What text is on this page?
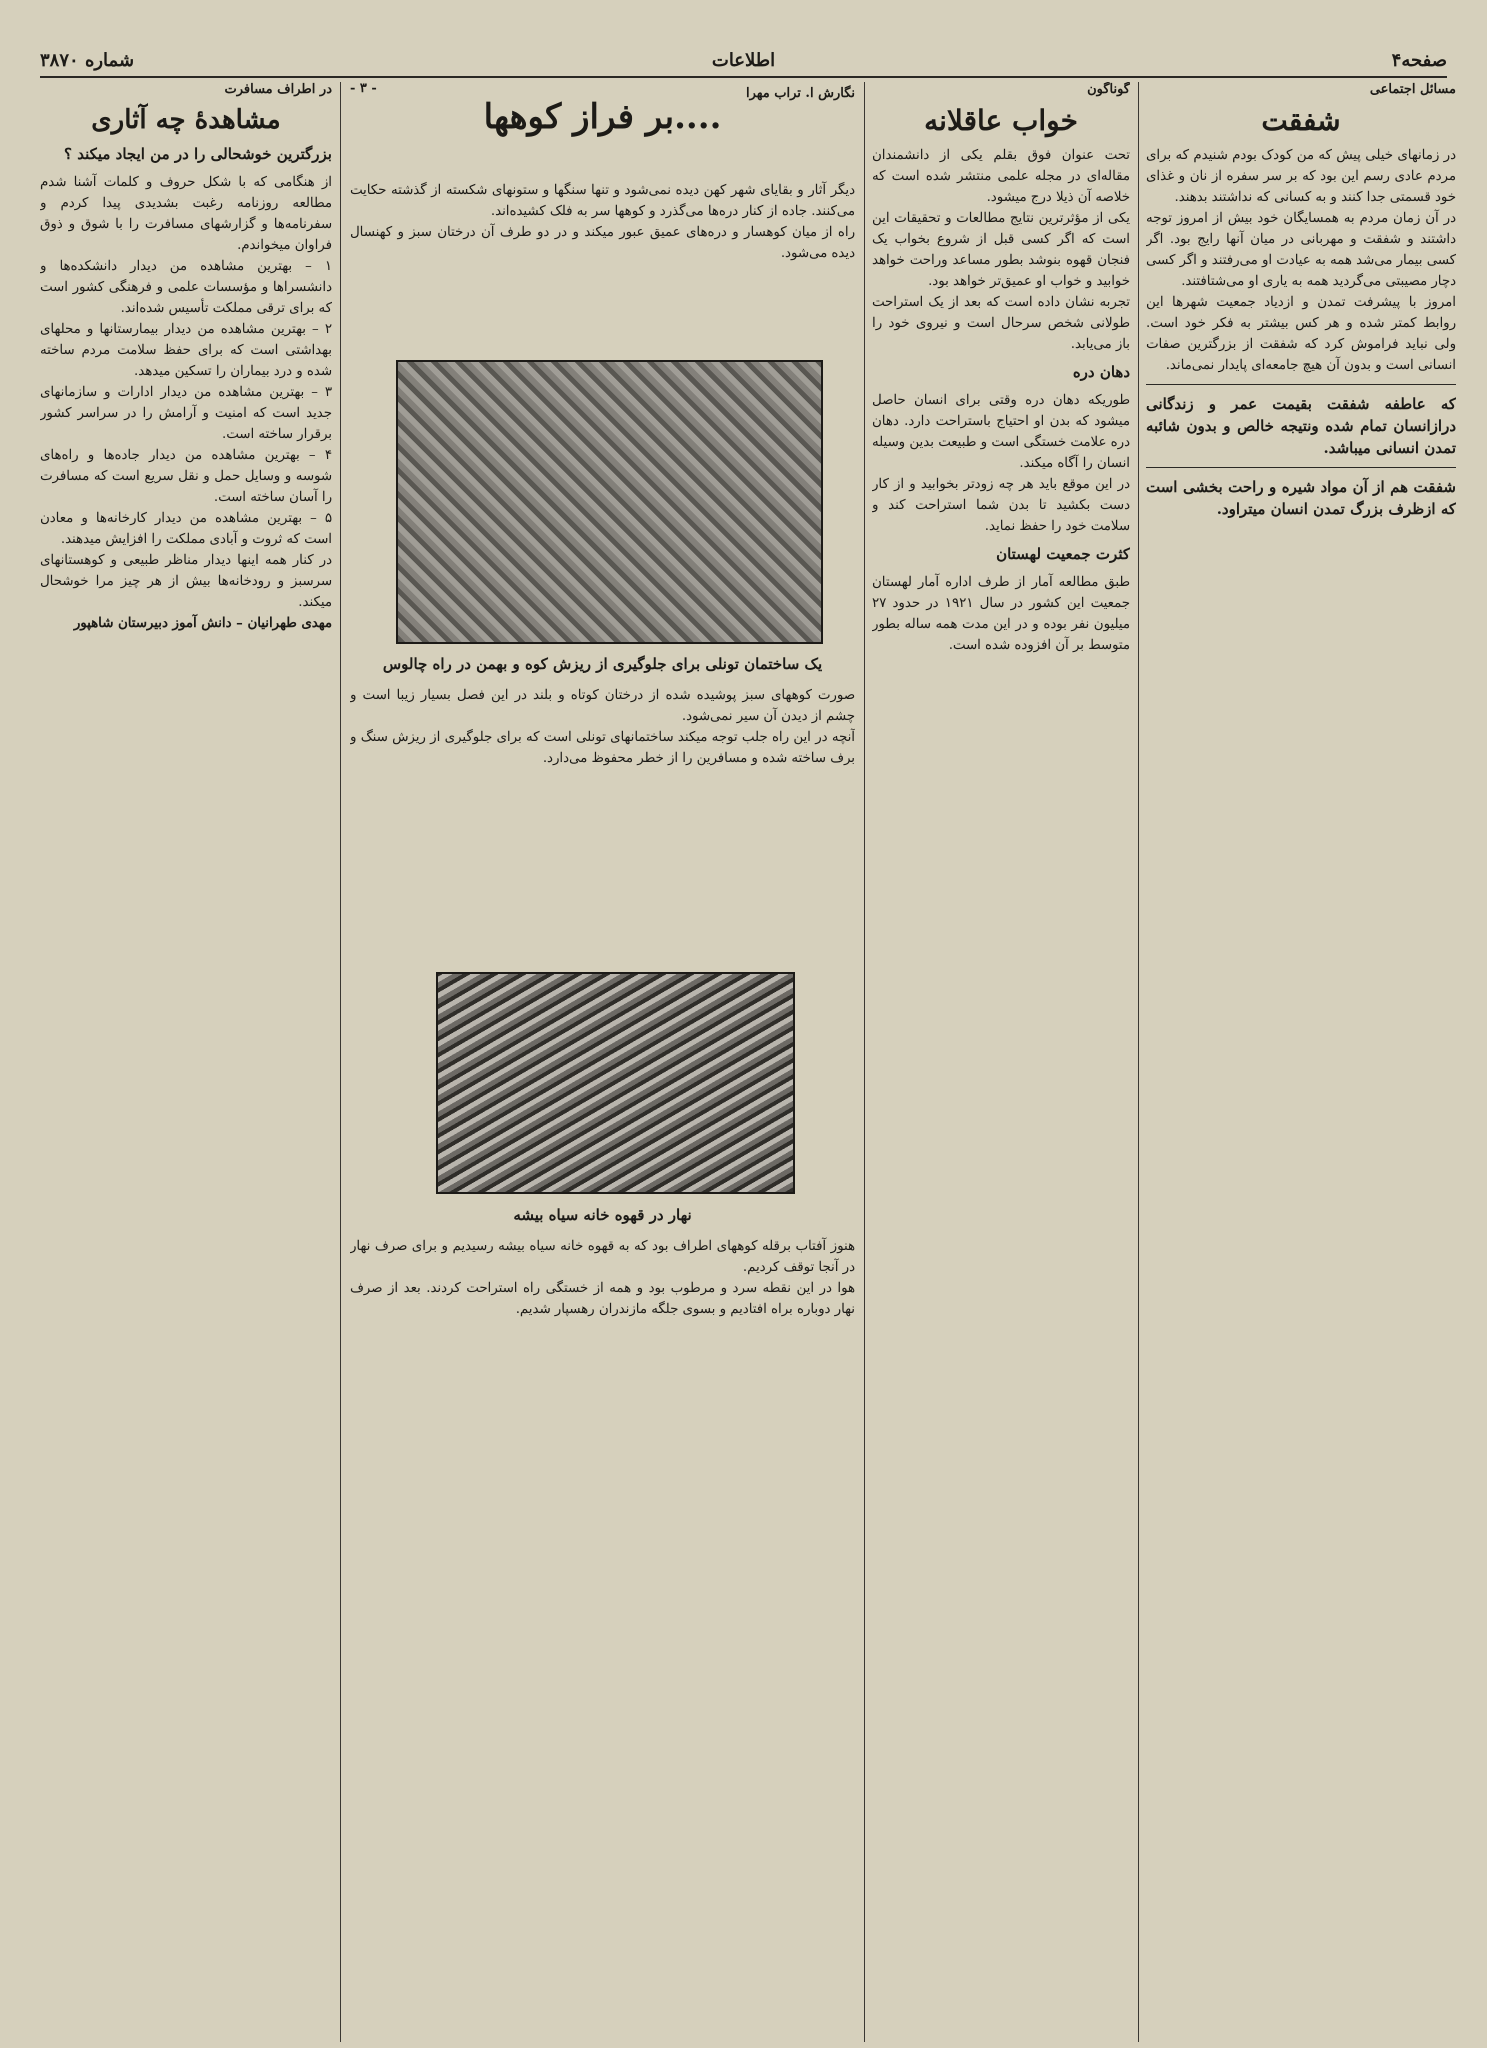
صفحه۴
اطلاعات
شماره ۳۸۷۰
مسائل اجتماعی
شفقت

در زمانهای خیلی پیش که من کودک بودم شنیدم که برای مردم عادی رسم این بود که بر سر سفره از نان و غذای خود قسمتی جدا کنند و به کسانی که نداشتند بدهند.

در آن زمان مردم به همسایگان خود بیش از امروز توجه داشتند و شفقت و مهربانی در میان آنها رایج بود. اگر کسی بیمار می‌شد همه به عیادت او می‌رفتند و اگر کسی دچار مصیبتی می‌گردید همه به یاری او می‌شتافتند.

امروز با پیشرفت تمدن و ازدیاد جمعیت شهرها این روابط کمتر شده و هر کس بیشتر به فکر خود است. ولی نباید فراموش کرد که شفقت از بزرگترین صفات انسانی است و بدون آن هیچ جامعه‌ای پایدار نمی‌ماند.

که عاطفه شفقت بقیمت عمر و زندگانی درازانسان تمام شده ونتیجه خالص و بدون شائبه تمدن انسانی میباشد.

شفقت هم از آن مواد شیره و راحت بخشی است که ازظرف بزرگ تمدن انسان میتراود.

گوناگون
خواب عاقلانه

تحت عنوان فوق بقلم یکی از دانشمندان مقاله‌ای در مجله علمی منتشر شده است که خلاصه آن ذیلا درج میشود.

یکی از مؤثرترین نتایج مطالعات و تحقیقات این است که اگر کسی قبل از شروع بخواب یک فنجان قهوه بنوشد بطور مساعد وراحت خواهد خوابید و خواب او عمیق‌تر خواهد بود.

تجربه نشان داده است که بعد از یک استراحت طولانی شخص سرحال است و نیروی خود را باز می‌یابد.

دهان دره

طوریکه دهان دره وقتی برای انسان حاصل میشود که بدن او احتیاج باستراحت دارد. دهان دره علامت خستگی است و طبیعت بدین وسیله انسان را آگاه میکند.

در این موقع باید هر چه زودتر بخوابید و از کار دست بکشید تا بدن شما استراحت کند و سلامت خود را حفظ نماید.

کثرت جمعیت لهستان

طبق مطالعه آمار از طرف اداره آمار لهستان جمعیت این کشور در سال ۱۹۲۱ در حدود ۲۷ میلیون نفر بوده و در این مدت همه ساله بطور متوسط بر آن افزوده شده است.

نگارش ا. تراب مهرا
- ۳ -
....بر فراز کوهها

دیگر آثار و بقایای شهر کهن دیده نمی‌شود و تنها سنگها و ستونهای شکسته از گذشته حکایت می‌کنند. جاده از کنار دره‌ها می‌گذرد و کوهها سر به فلک کشیده‌اند.

راه از میان کوهسار و دره‌های عمیق عبور میکند و در دو طرف آن درختان سبز و کهنسال دیده می‌شود.

یک ساختمان تونلی برای جلوگیری از ریزش کوه و بهمن در راه چالوس

صورت کوههای سبز پوشیده شده از درختان کوتاه و بلند در این فصل بسیار زیبا است و چشم از دیدن آن سیر نمی‌شود.

آنچه در این راه جلب توجه میکند ساختمانهای تونلی است که برای جلوگیری از ریزش سنگ و برف ساخته شده و مسافرین را از خطر محفوظ می‌دارد.

نهار در قهوه خانه سیاه بیشه

هنوز آفتاب برقله کوههای اطراف بود که به قهوه خانه سیاه بیشه رسیدیم و برای صرف نهار در آنجا توقف کردیم.

هوا در این نقطه سرد و مرطوب بود و همه از خستگی راه استراحت کردند. بعد از صرف نهار دوباره براه افتادیم و بسوی جلگه مازندران رهسپار شدیم.

در اطراف مسافرت
مشاهدهٔ چه آثاری
بزرگترین خوشحالی را در من ایجاد میکند ؟

از هنگامی که با شکل حروف و کلمات آشنا شدم مطالعه روزنامه رغبت بشدیدی پیدا کردم و سفرنامه‌ها و گزارشهای مسافرت را با شوق و ذوق فراوان میخواندم.

۱ – بهترین مشاهده من دیدار دانشکده‌ها و دانشسراها و مؤسسات علمی و فرهنگی کشور است که برای ترقی مملکت تأسیس شده‌اند.

۲ – بهترین مشاهده من دیدار بیمارستانها و محلهای بهداشتی است که برای حفظ سلامت مردم ساخته شده و درد بیماران را تسکین میدهد.

۳ – بهترین مشاهده من دیدار ادارات و سازمانهای جدید است که امنیت و آرامش را در سراسر کشور برقرار ساخته است.

۴ – بهترین مشاهده من دیدار جاده‌ها و راه‌های شوسه و وسایل حمل و نقل سریع است که مسافرت را آسان ساخته است.

۵ – بهترین مشاهده من دیدار کارخانه‌ها و معادن است که ثروت و آبادی مملکت را افزایش میدهند.

در کنار همه اینها دیدار مناظر طبیعی و کوهستانهای سرسبز و رودخانه‌ها بیش از هر چیز مرا خوشحال میکند.

مهدی طهرانیان – دانش آموز دبیرستان شاهپور
